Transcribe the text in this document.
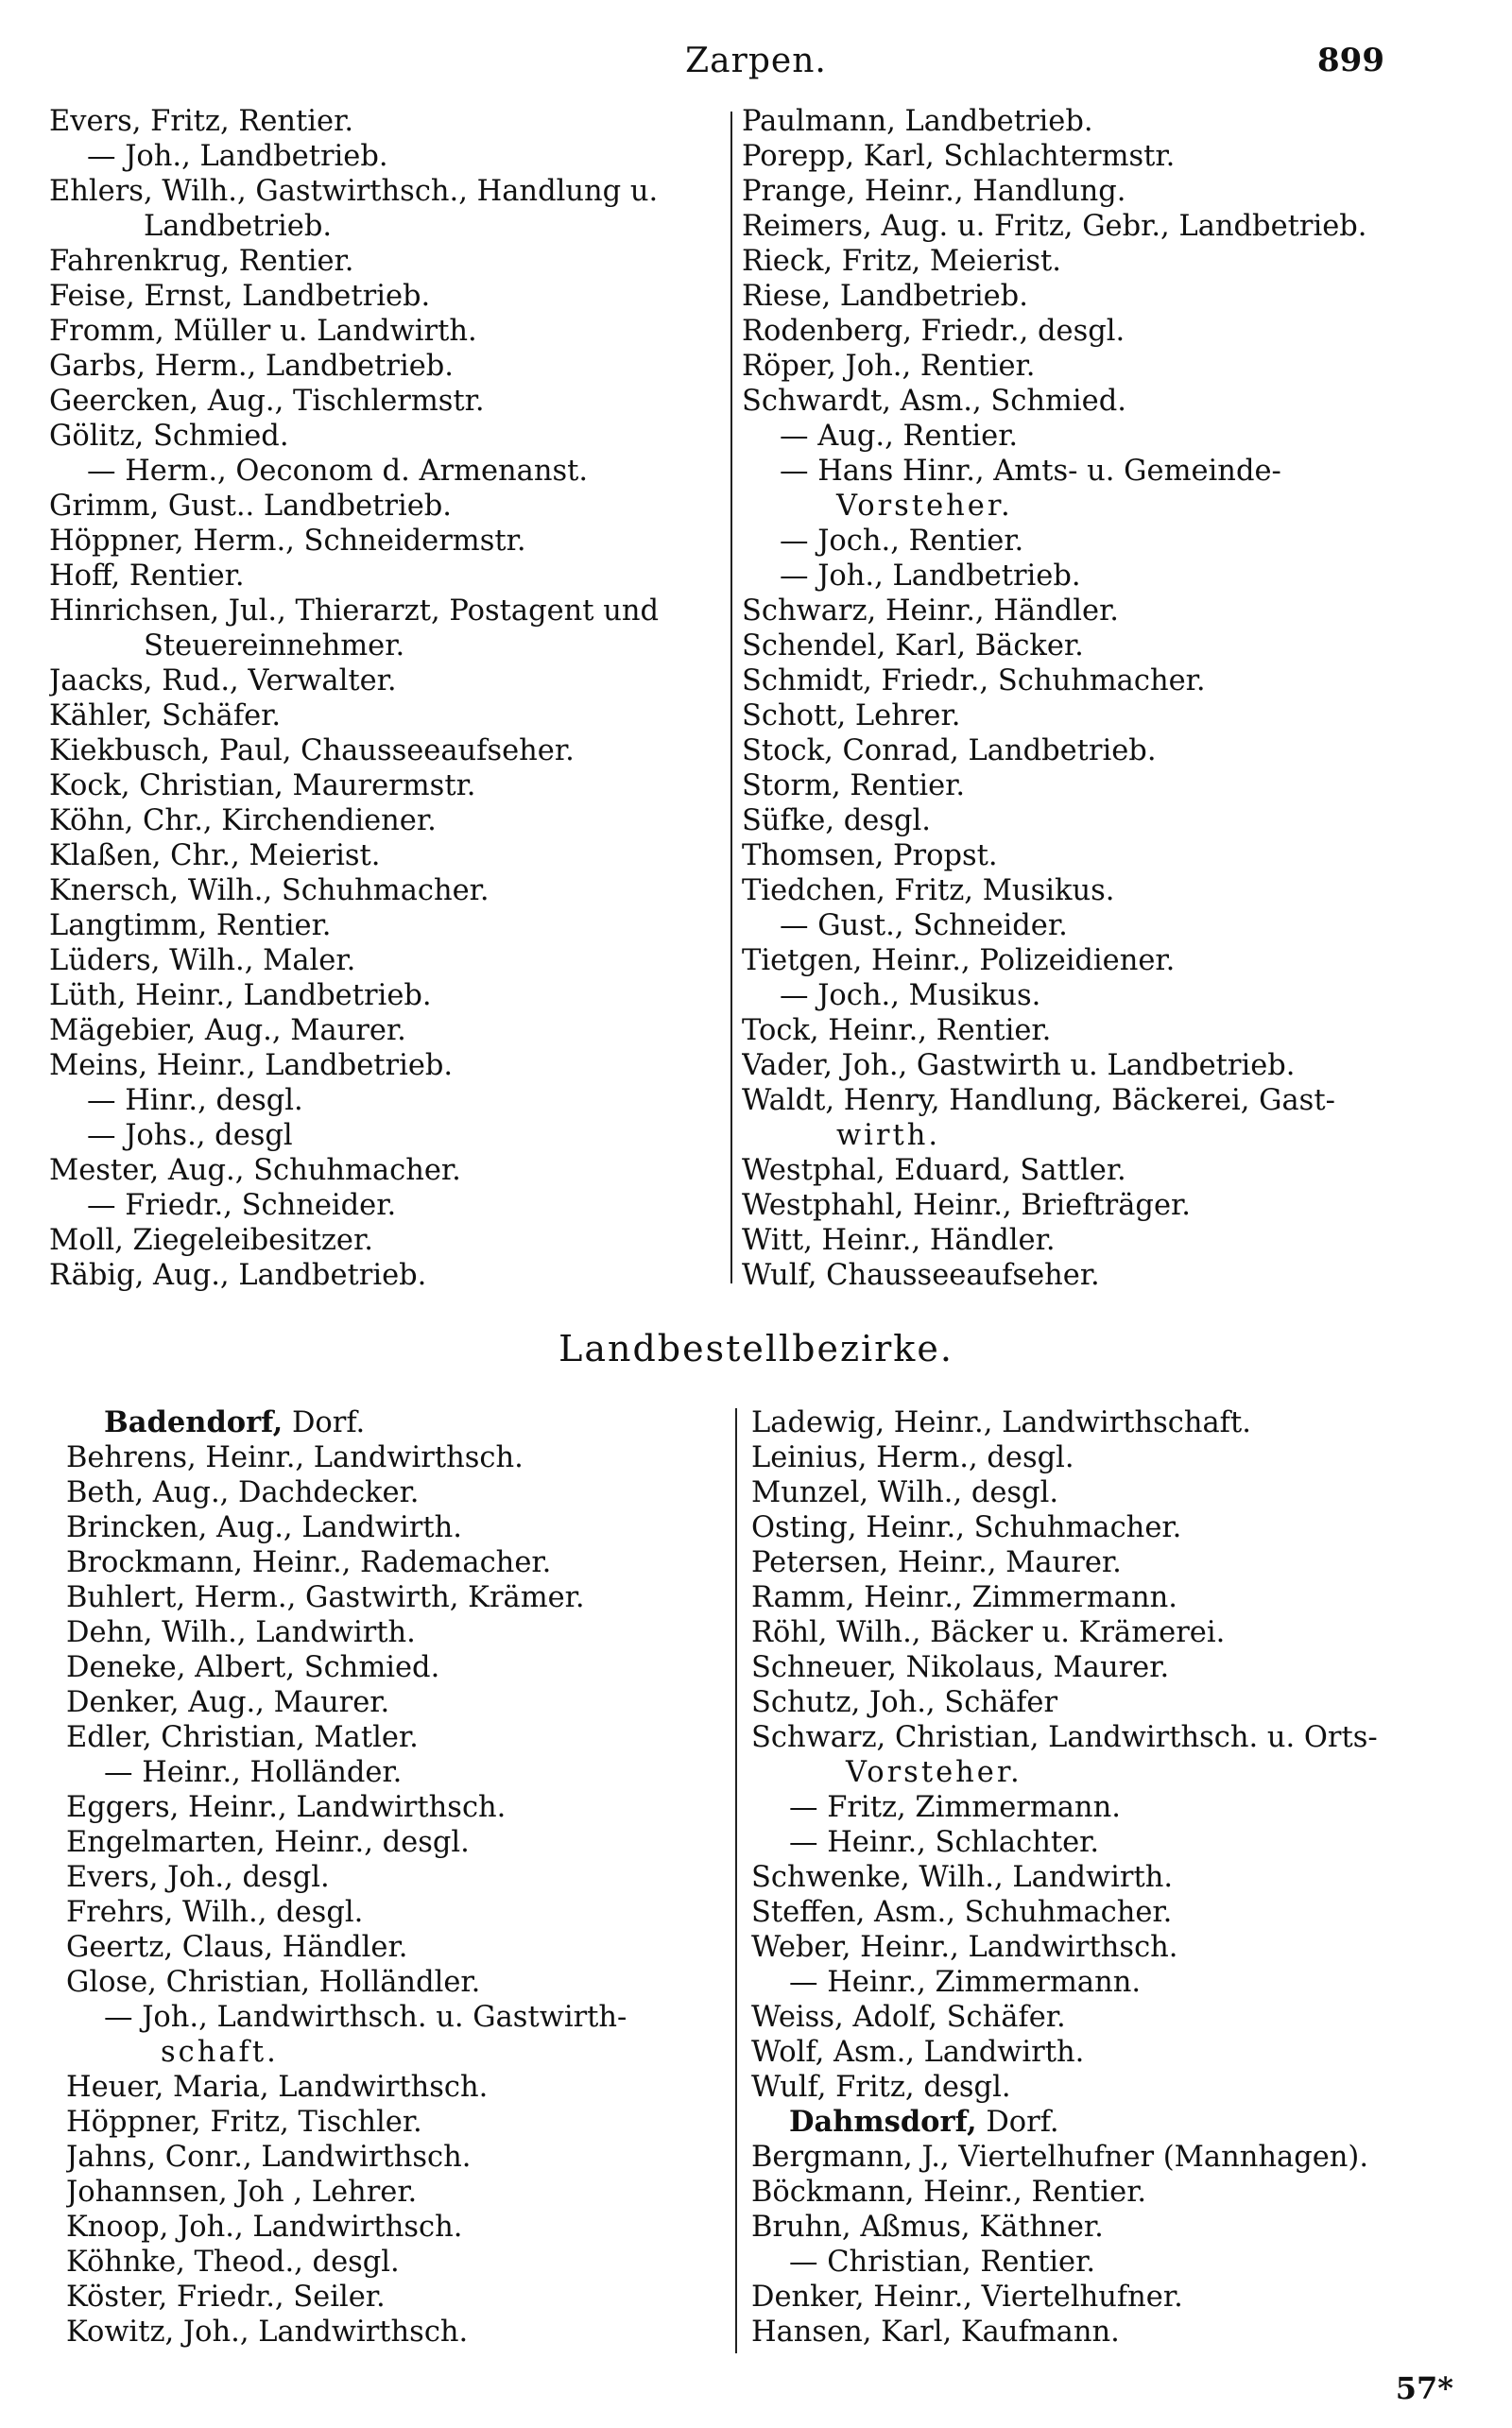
Zarpen.	899
Evers, Fritz, Rentier.
— Joh., Landbetrieb.
Ehlers, Wilh., Gastwirthsch., Handlung u.
Landbetrieb.
Fahrenkrug, Rentier.
Feise, Ernst, Landbetrieb.
Fromm, Müller u. Landwirth.
Garbs, Herm., Landbetrieb.
Geercken, Aug., Tischlermstr.
Gölitz, Schmied.
— Herm., Oeconom d. Armenanst.
Grimm, Gust.. Landbetrieb.
Höppner, Herm., Schneidermstr.
Hoff, Rentier.
Hinrichsen, Jul., Thierarzt, Postagent und
Steuereinnehmer.
Jaacks, Rud., Verwalter.
Kähler, Schäfer.
Kiekbusch, Paul, Chausseeaufseher.
Kock, Christian, Maurermstr.
Köhn, Chr., Kirchendiener.
Klaßen, Chr., Meierist.
Knersch, Wilh., Schuhmacher.
Langtimm, Rentier.
Lüders, Wilh., Maler.
Lüth, Heinr., Landbetrieb.
Mägebier, Aug., Maurer.
Meins, Heinr., Landbetrieb.
— Hinr., desgl.
— Johs., desgl
Mester, Aug., Schuhmacher.
— Friedr., Schneider.
Moll, Ziegeleibesitzer.
Räbig, Aug., Landbetrieb.
Paulmann, Landbetrieb.
Porepp, Karl, Schlachtermstr.
Prange, Heinr., Handlung.
Reimers, Aug. u. Fritz, Gebr., Landbetrieb.
Rieck, Fritz, Meierist.
Riese, Landbetrieb.
Rodenberg, Friedr., desgl.
Röper, Joh., Rentier.
Schwardt, Asm., Schmied.
— Aug., Rentier.
— Hans Hinr., Amts- u. Gemeinde-
Vorsteher.
— Joch., Rentier.
— Joh., Landbetrieb.
Schwarz, Heinr., Händler.
Schendel, Karl, Bäcker.
Schmidt, Friedr., Schuhmacher.
Schott, Lehrer.
Stock, Conrad, Landbetrieb.
Storm, Rentier.
Süfke, desgl.
Thomsen, Propst.
Tiedchen, Fritz, Musikus.
— Gust., Schneider.
Tietgen, Heinr., Polizeidiener.
— Joch., Musikus.
Tock, Heinr., Rentier.
Vader, Joh., Gastwirth u. Landbetrieb.
Waldt, Henry, Handlung, Bäckerei, Gast-
wirth.
Westphal, Eduard, Sattler.
Westphahl, Heinr., Briefträger.
Witt, Heinr., Händler.
Wulf, Chausseeaufseher.
Landbestellbezirke.
Badendorf, Dorf.
Behrens, Heinr., Landwirthsch.
Beth, Aug., Dachdecker.
Brincken, Aug., Landwirth.
Brockmann, Heinr., Rademacher.
Buhlert, Herm., Gastwirth, Krämer.
Dehn, Wilh., Landwirth.
Deneke, Albert, Schmied.
Denker, Aug., Maurer.
Edler, Christian, Matler.
— Heinr., Holländer.
Eggers, Heinr., Landwirthsch.
Engelmarten, Heinr., desgl.
Evers, Joh., desgl.
Frehrs, Wilh., desgl.
Geertz, Claus, Händler.
Glose, Christian, Holländler.
— Joh., Landwirthsch. u. Gastwirth-
schaft.
Heuer, Maria, Landwirthsch.
Höppner, Fritz, Tischler.
Jahns, Conr., Landwirthsch.
Johannsen, Joh , Lehrer.
Knoop, Joh., Landwirthsch.
Köhnke, Theod., desgl.
Köster, Friedr., Seiler.
Kowitz, Joh., Landwirthsch.
Ladewig, Heinr., Landwirthschaft.
Leinius, Herm., desgl.
Munzel, Wilh., desgl.
Osting, Heinr., Schuhmacher.
Petersen, Heinr., Maurer.
Ramm, Heinr., Zimmermann.
Röhl, Wilh., Bäcker u. Krämerei.
Schneuer, Nikolaus, Maurer.
Schutz, Joh., Schäfer
Schwarz, Christian, Landwirthsch. u. Orts-
Vorsteher.
— Fritz, Zimmermann.
— Heinr., Schlachter.
Schwenke, Wilh., Landwirth.
Steffen, Asm., Schuhmacher.
Weber, Heinr., Landwirthsch.
— Heinr., Zimmermann.
Weiss, Adolf, Schäfer.
Wolf, Asm., Landwirth.
Wulf, Fritz, desgl.
Dahmsdorf, Dorf.
Bergmann, J., Viertelhufner (Mannhagen).
Böckmann, Heinr., Rentier.
Bruhn, Aßmus, Käthner.
— Christian, Rentier.
Denker, Heinr., Viertelhufner.
Hansen, Karl, Kaufmann.
57*
